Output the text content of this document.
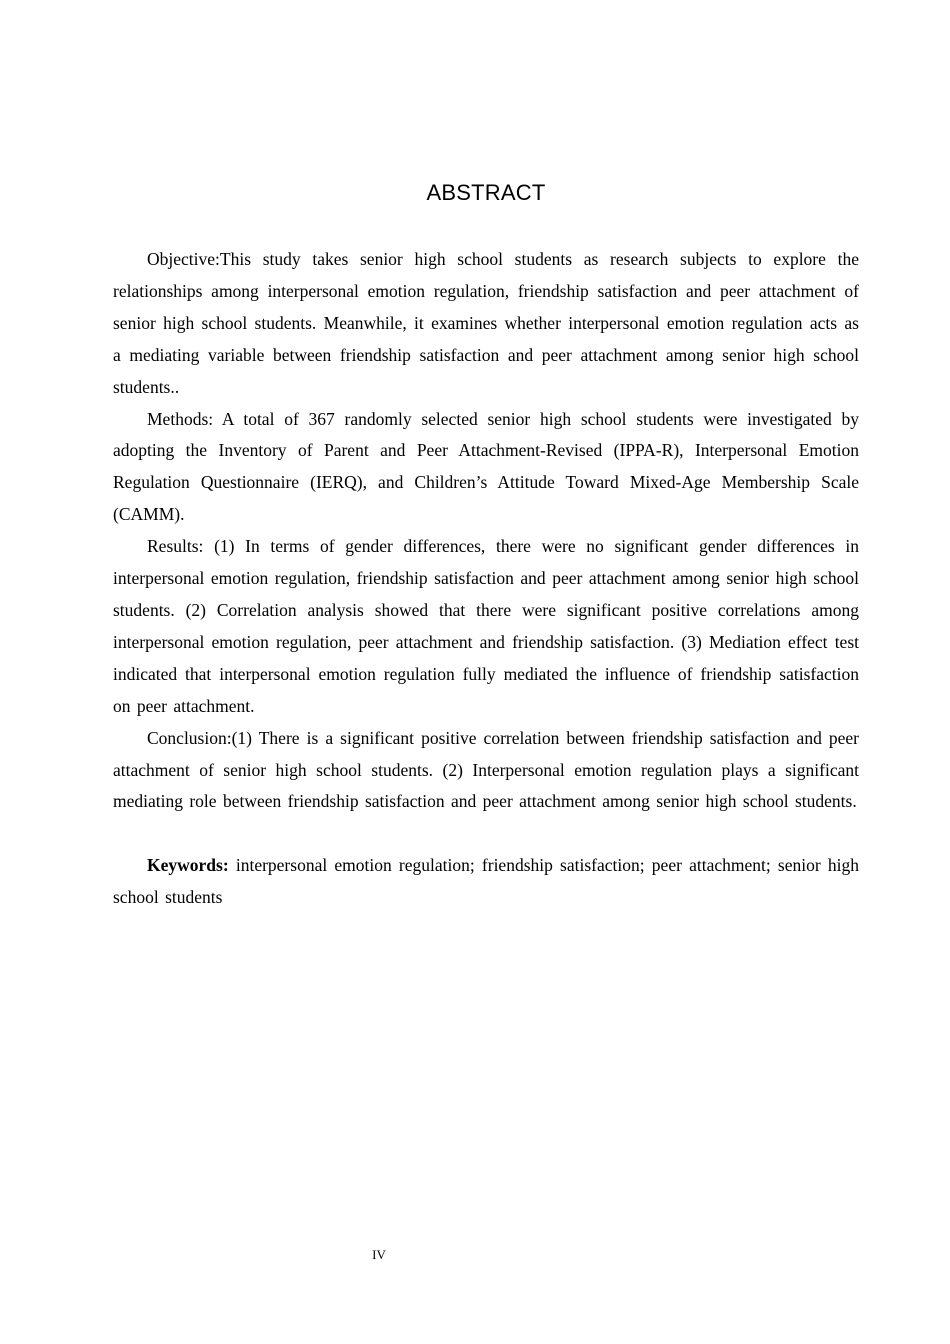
ABSTRACT

Objective:This study takes senior high school students as research subjects to explore the relationships among interpersonal emotion regulation, friendship satisfaction and peer attachment of senior high school students. Meanwhile, it examines whether interpersonal emotion regulation acts as a mediating variable between friendship satisfaction and peer attachment among senior high school students..

Methods: A total of 367 randomly selected senior high school students were investigated by adopting the Inventory of Parent and Peer Attachment-Revised (IPPA-R), Interpersonal Emotion Regulation Questionnaire (IERQ), and Children’s Attitude Toward Mixed-Age Membership Scale (CAMM).

Results: (1) In terms of gender differences, there were no significant gender differences in interpersonal emotion regulation, friendship satisfaction and peer attachment among senior high school students. (2) Correlation analysis showed that there were significant positive correlations among interpersonal emotion regulation, peer attachment and friendship satisfaction. (3) Mediation effect test indicated that interpersonal emotion regulation fully mediated the influence of friendship satisfaction on peer attachment.

Conclusion:(1) There is a significant positive correlation between friendship satisfaction and peer attachment of senior high school students. (2) Interpersonal emotion regulation plays a significant mediating role between friendship satisfaction and peer attachment among senior high school students.

Keywords: interpersonal emotion regulation; friendship satisfaction; peer attachment; senior high school students

IV
